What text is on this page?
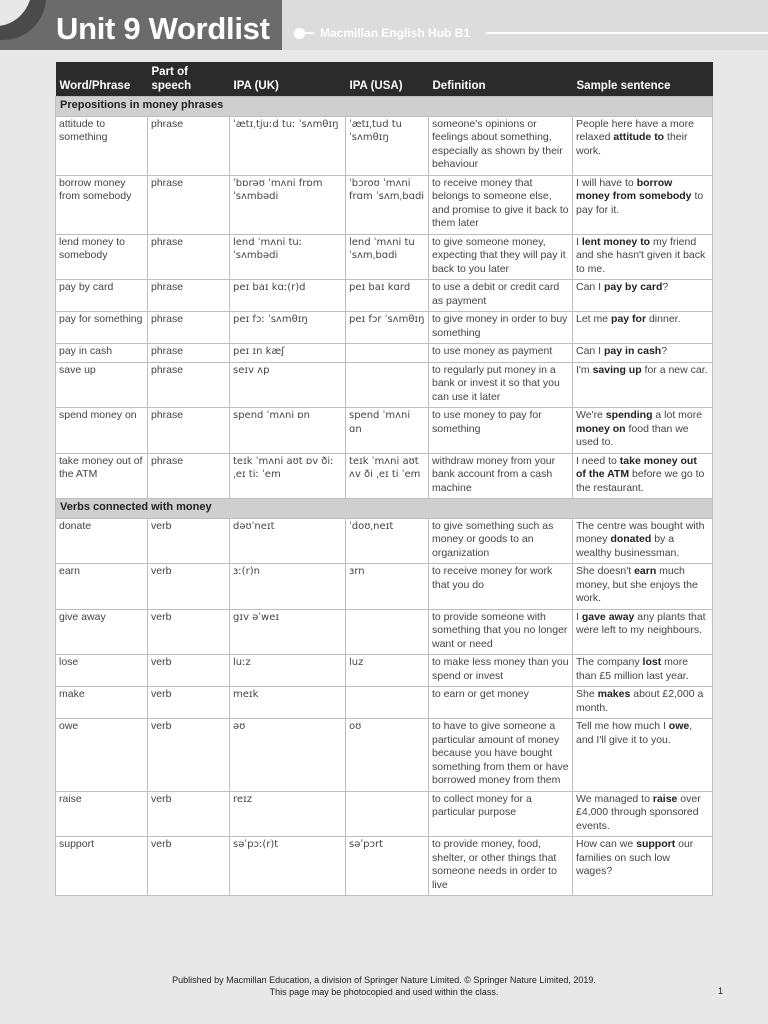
Unit 9 Wordlist	Macmillan English Hub B1
Word/Phrase	Part of speech	IPA (UK)	IPA (USA)	Definition	Sample sentence
Prepositions in money phrases					
attitude to something	phrase	ˈætɪˌtjuːd tuː ˈsʌmθɪŋ	ˈætɪˌtud tu ˈsʌmθɪŋ	someone's opinions or feelings about something, especially as shown by their behaviour	People here have a more relaxed attitude to their work.
borrow money from somebody	phrase	ˈbɒrəʊ ˈmʌni frɒm ˈsʌmbədi	ˈbɔroʊ ˈmʌni frɑm ˈsʌmˌbɑdi	to receive money that belongs to someone else, and promise to give it back to them later	I will have to borrow money from somebody to pay for it.
lend money to somebody	phrase	lend ˈmʌni tuː ˈsʌmbədi	lend ˈmʌni tu ˈsʌmˌbɑdi	to give someone money, expecting that they will pay it back to you later	I lent money to my friend and she hasn't given it back to me.
pay by card	phrase	peɪ baɪ kɑː(r)d	peɪ baɪ kɑrd	to use a debit or credit card as payment	Can I pay by card?
pay for something	phrase	peɪ fɔː ˈsʌmθɪŋ	peɪ fɔr ˈsʌmθɪŋ	to give money in order to buy something	Let me pay for dinner.
pay in cash	phrase	peɪ ɪn kæʃ		to use money as payment	Can I pay in cash?
save up	phrase	seɪv ʌp		to regularly put money in a bank or invest it so that you can use it later	I'm saving up for a new car.
spend money on	phrase	spend ˈmʌni ɒn	spend ˈmʌni ɑn	to use money to pay for something	We're spending a lot more money on food than we used to.
take money out of the ATM	phrase	teɪk ˈmʌni aʊt ɒv ðiː ˌeɪ tiː ˈem	teɪk ˈmʌni aʊt ʌv ði ˌeɪ ti ˈem	withdraw money from your bank account from a cash machine	I need to take money out of the ATM before we go to the restaurant.
Verbs connected with money					
donate	verb	dəʊˈneɪt	ˈdoʊˌneɪt	to give something such as money or goods to an organization	The centre was bought with money donated by a wealthy businessman.
earn	verb	ɜː(r)n	ɜrn	to receive money for work that you do	She doesn't earn much money, but she enjoys the work.
give away	verb	gɪv əˈweɪ		to provide someone with something that you no longer want or need	I gave away any plants that were left to my neighbours.
lose	verb	luːz	luz	to make less money than you spend or invest	The company lost more than £5 million last year.
make	verb	meɪk		to earn or get money	She makes about £2,000 a month.
owe	verb	əʊ	oʊ	to have to give someone a particular amount of money because you have bought something from them or have borrowed money from them	Tell me how much I owe, and I'll give it to you.
raise	verb	reɪz		to collect money for a particular purpose	We managed to raise over £4,000 through sponsored events.
support	verb	səˈpɔː(r)t	səˈpɔrt	to provide money, food, shelter, or other things that someone needs in order to live	How can we support our families on such low wages?
Published by Macmillan Education, a division of Springer Nature Limited. © Springer Nature Limited, 2019.
This page may be photocopied and used within the class.	1
